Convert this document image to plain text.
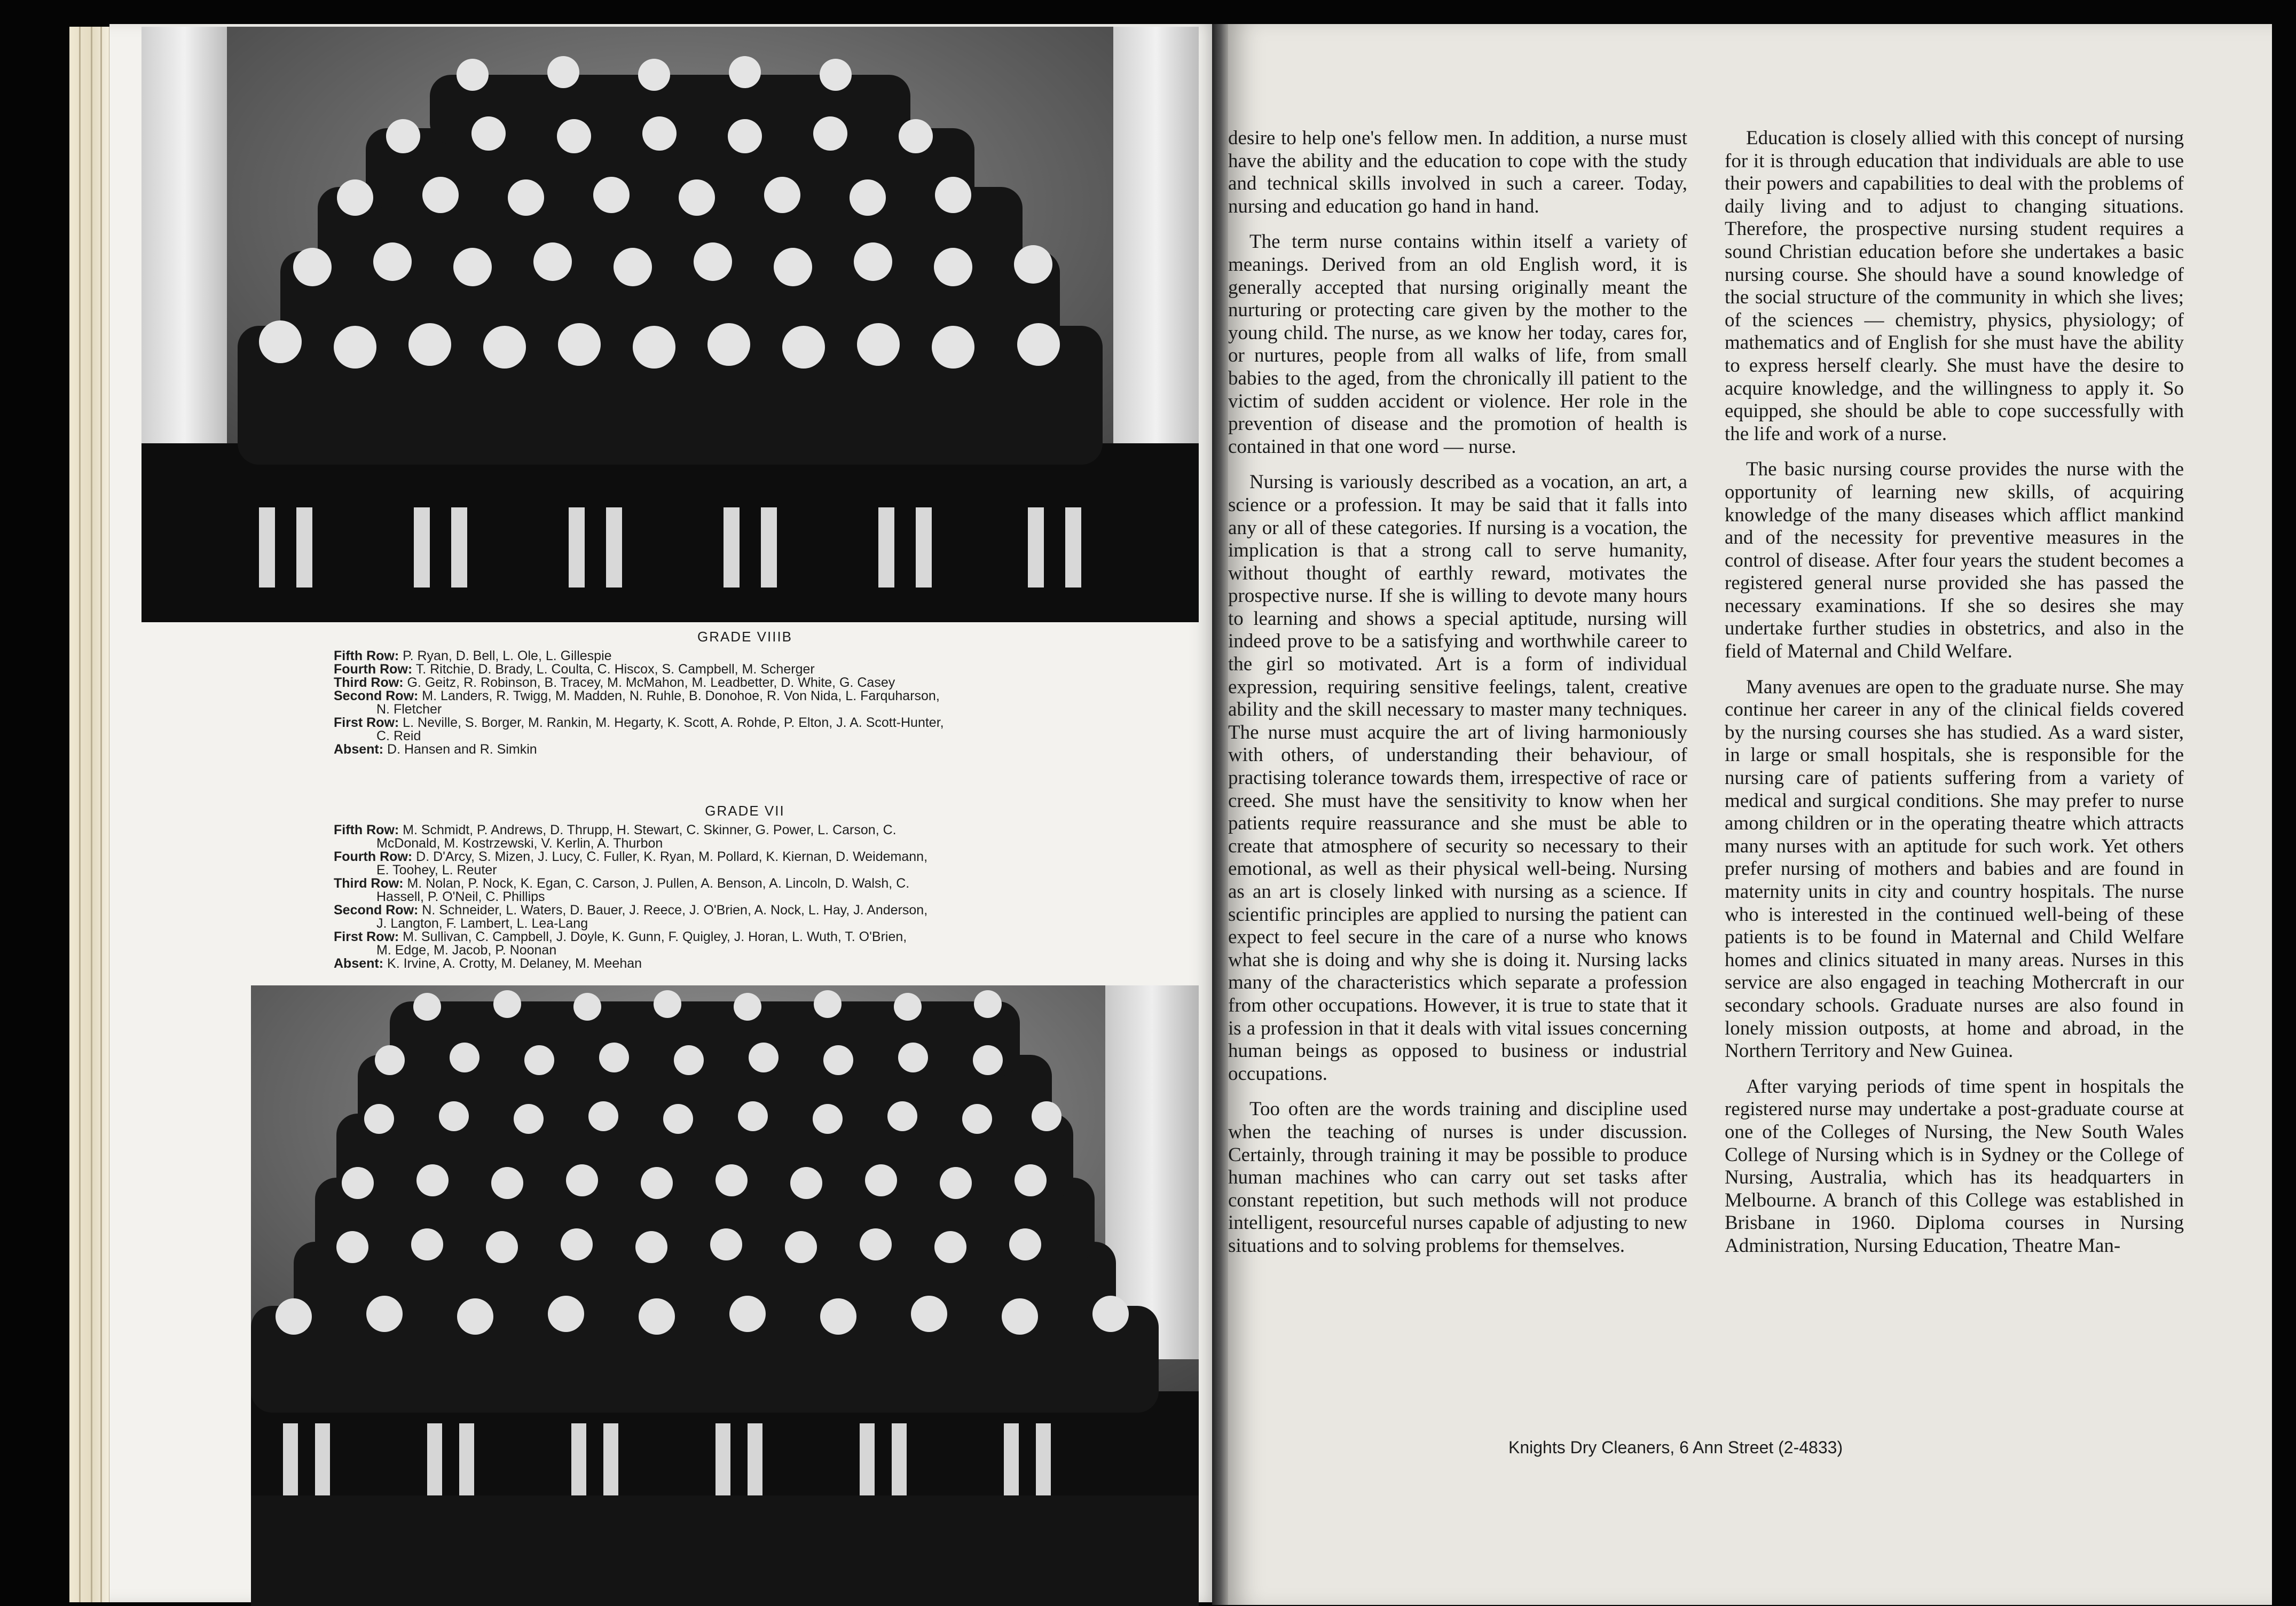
GRADE VIIIB

Fifth Row: P. Ryan, D. Bell, L. Ole, L. Gillespie

Fourth Row: T. Ritchie, D. Brady, L. Coulta, C. Hiscox, S. Campbell, M. Scherger

Third Row: G. Geitz, R. Robinson, B. Tracey, M. McMahon, M. Leadbetter, D. White, G. Casey

Second Row: M. Landers, R. Twigg, M. Madden, N. Ruhle, B. Donohoe, R. Von Nida, L. Farquharson,
N. Fletcher

First Row: L. Neville, S. Borger, M. Rankin, M. Hegarty, K. Scott, A. Rohde, P. Elton, J. A. Scott-Hunter,
C. Reid

Absent: D. Hansen and R. Simkin

GRADE VII

Fifth Row: M. Schmidt, P. Andrews, D. Thrupp, H. Stewart, C. Skinner, G. Power, L. Carson, C.
McDonald, M. Kostrzewski, V. Kerlin, A. Thurbon

Fourth Row: D. D'Arcy, S. Mizen, J. Lucy, C. Fuller, K. Ryan, M. Pollard, K. Kiernan, D. Weidemann,
E. Toohey, L. Reuter

Third Row: M. Nolan, P. Nock, K. Egan, C. Carson, J. Pullen, A. Benson, A. Lincoln, D. Walsh, C.
Hassell, P. O'Neil, C. Phillips

Second Row: N. Schneider, L. Waters, D. Bauer, J. Reece, J. O'Brien, A. Nock, L. Hay, J. Anderson,
J. Langton, F. Lambert, L. Lea-Lang

First Row: M. Sullivan, C. Campbell, J. Doyle, K. Gunn, F. Quigley, J. Horan, L. Wuth, T. O'Brien,
M. Edge, M. Jacob, P. Noonan

Absent: K. Irvine, A. Crotty, M. Delaney, M. Meehan

desire to help one's fellow men. In addition, a nurse must have the ability and the education to cope with the study and technical skills involved in such a career. Today, nursing and education go hand in hand.

The term nurse contains within itself a variety of meanings. Derived from an old English word, it is generally accepted that nursing originally meant the nurturing or protecting care given by the mother to the young child. The nurse, as we know her today, cares for, or nurtures, people from all walks of life, from small babies to the aged, from the chronically ill patient to the victim of sudden accident or violence. Her role in the prevention of disease and the promotion of health is contained in that one word — nurse.

Nursing is variously described as a vocation, an art, a science or a profession. It may be said that it falls into any or all of these categories. If nursing is a vocation, the implication is that a strong call to serve humanity, without thought of earthly reward, motivates the prospective nurse. If she is willing to devote many hours to learning and shows a special aptitude, nursing will indeed prove to be a satisfying and worthwhile career to the girl so motivated. Art is a form of individual expression, requiring sensitive feelings, talent, creative ability and the skill necessary to master many techniques. The nurse must acquire the art of living harmoniously with others, of understanding their behaviour, of practising tolerance towards them, irrespective of race or creed. She must have the sensitivity to know when her patients require reassurance and she must be able to create that atmosphere of security so necessary to their emotional, as well as their physical well-being. Nursing as an art is closely linked with nursing as a science. If scientific principles are applied to nursing the patient can expect to feel secure in the care of a nurse who knows what she is doing and why she is doing it. Nursing lacks many of the characteristics which separate a profession from other occupations. However, it is true to state that it is a profession in that it deals with vital issues concerning human beings as opposed to business or industrial occupations.

Too often are the words training and discipline used when the teaching of nurses is under discussion. Certainly, through training it may be possible to produce human machines who can carry out set tasks after constant repetition, but such methods will not produce intelligent, resourceful nurses capable of adjusting to new situations and to solving problems for themselves.

Education is closely allied with this concept of nursing for it is through education that individuals are able to use their powers and capabilities to deal with the problems of daily living and to adjust to changing situations. Therefore, the prospective nursing student requires a sound Christian education before she undertakes a basic nursing course. She should have a sound knowledge of the social structure of the community in which she lives; of the sciences — chemistry, physics, physiology; of mathematics and of English for she must have the ability to express herself clearly. She must have the desire to acquire knowledge, and the willingness to apply it. So equipped, she should be able to cope successfully with the life and work of a nurse.

The basic nursing course provides the nurse with the opportunity of learning new skills, of acquiring knowledge of the many diseases which afflict mankind and of the necessity for preventive measures in the control of disease. After four years the student becomes a registered general nurse provided she has passed the necessary examinations. If she so desires she may undertake further studies in obstetrics, and also in the field of Maternal and Child Welfare.

Many avenues are open to the graduate nurse. She may continue her career in any of the clinical fields covered by the nursing courses she has studied. As a ward sister, in large or small hospitals, she is responsible for the nursing care of patients suffering from a variety of medical and surgical conditions. She may prefer to nurse among children or in the operating theatre which attracts many nurses with an aptitude for such work. Yet others prefer nursing of mothers and babies and are found in maternity units in city and country hospitals. The nurse who is interested in the continued well-being of these patients is to be found in Maternal and Child Welfare homes and clinics situated in many areas. Nurses in this service are also engaged in teaching Mothercraft in our secondary schools. Graduate nurses are also found in lonely mission outposts, at home and abroad, in the Northern Territory and New Guinea.

After varying periods of time spent in hospitals the registered nurse may undertake a post-graduate course at one of the Colleges of Nursing, the New South Wales College of Nursing which is in Sydney or the College of Nursing, Australia, which has its headquarters in Melbourne. A branch of this College was established in Brisbane in 1960. Diploma courses in Nursing Administration, Nursing Education, Theatre Man-

Knights Dry Cleaners, 6 Ann Street (2-4833)
